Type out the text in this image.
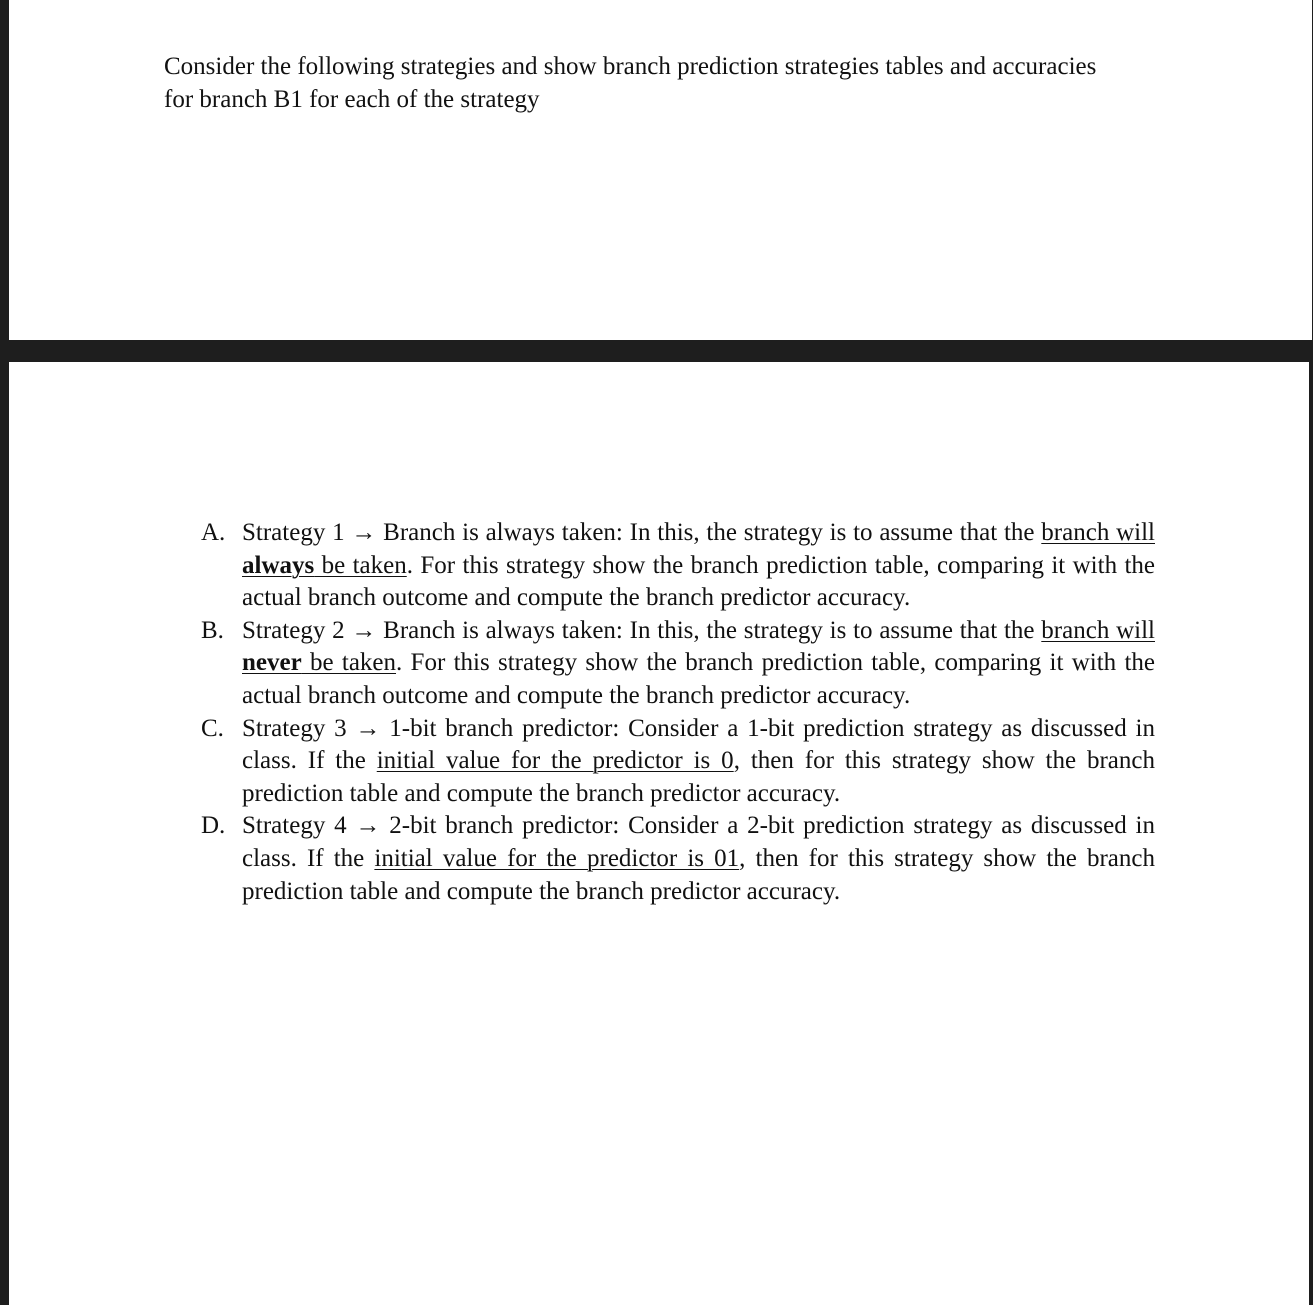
Consider the following strategies and show branch prediction strategies tables and accuracies
for branch B1 for each of the strategy

A. Strategy 1 → Branch is always taken: In this, the strategy is to assume that the branch will always be taken. For this strategy show the branch prediction table, comparing it with the actual branch outcome and compute the branch predictor accuracy.
B. Strategy 2 → Branch is always taken: In this, the strategy is to assume that the branch will never be taken. For this strategy show the branch prediction table, comparing it with the actual branch outcome and compute the branch predictor accuracy.
C. Strategy 3 → 1-bit branch predictor: Consider a 1-bit prediction strategy as discussed in class. If the initial value for the predictor is 0, then for this strategy show the branch prediction table and compute the branch predictor accuracy.
D. Strategy 4 → 2-bit branch predictor: Consider a 2-bit prediction strategy as discussed in class. If the initial value for the predictor is 01, then for this strategy show the branch prediction table and compute the branch predictor accuracy.
